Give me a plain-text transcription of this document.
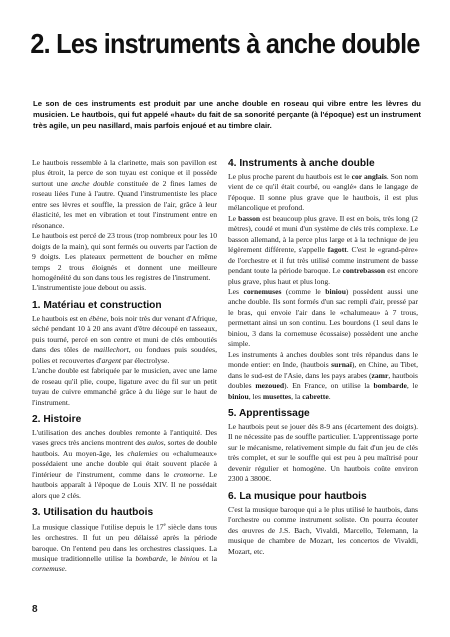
2. Les instruments à anche double
Le son de ces instruments est produit par une anche double en roseau qui vibre entre les lèvres du musicien. Le hautbois, qui fut appelé «haut» du fait de sa sonorité perçante (à l'époque) est un instrument très agile, un peu nasillard, mais parfois enjoué et au timbre clair.

Le hautbois ressemble à la clarinette, mais son pavillon est plus étroit, la perce de son tuyau est conique et il possède surtout une anche double constituée de 2 fines lames de roseau liées l'une à l'autre. Quand l'instrumentiste les place entre ses lèvres et souffle, la pression de l'air, grâce à leur élasticité, les met en vibration et tout l'instrument entre en résonance.

Le hautbois est percé de 23 trous (trop nombreux pour les 10 doigts de la main), qui sont fermés ou ouverts par l'action de 9 doigts. Les plateaux permettent de boucher en même temps 2 trous éloignés et donnent une meilleure homogénéité du son dans tous les registres de l'instrument.

L'instrumentiste joue debout ou assis.

1. Matériau et construction

Le hautbois est en ébène, bois noir très dur venant d'Afrique, séché pendant 10 à 20 ans avant d'être découpé en tasseaux, puis tourné, percé en son centre et muni de clés emboutiés dans des tôles de maillechort, ou fondues puis soudées, polies et recouvertes d'argent par électrolyse.

L'anche double est fabriquée par le musicien, avec une lame de roseau qu'il plie, coupe, ligature avec du fil sur un petit tuyau de cuivre emmanché grâce à du liège sur le haut de l'instrument.

2. Histoire

L'utilisation des anches doubles remonte à l'antiquité. Des vases grecs très anciens montrent des aulos, sortes de double hautbois. Au moyen-âge, les chalemies ou «chalumeaux» possédaient une anche double qui était souvent placée à l'intérieur de l'instrument, comme dans le cromorne. Le hautbois apparaît à l'époque de Louis XIV. Il ne possédait alors que 2 clés.

3. Utilisation du hautbois

La musique classique l'utilise depuis le 17e siècle dans tous les orchestres. Il fut un peu délaissé après la période baroque. On l'entend peu dans les orchestres classiques. La musique traditionnelle utilise la bombarde, le biniou et la cornemuse.

4. Instruments à anche double

Le plus proche parent du hautbois est le cor anglais. Son nom vient de ce qu'il était courbé, ou «anglé» dans le langage de l'époque. Il sonne plus grave que le hautbois, il est plus mélancolique et profond.

Le basson est beaucoup plus grave. Il est en bois, très long (2 mètres), coudé et muni d'un système de clés très complexe. Le basson allemand, à la perce plus large et à la technique de jeu légèrement différente, s'appelle fagott. C'est le «grand-père» de l'orchestre et il fut très utilisé comme instrument de basse pendant toute la période baroque. Le contrebasson est encore plus grave, plus haut et plus long.

Les cornemuses (comme le biniou) possèdent aussi une anche double. Ils sont formés d'un sac rempli d'air, pressé par le bras, qui envoie l'air dans le «chalumeau» à 7 trous, permettant ainsi un son continu. Les bourdons (1 seul dans le biniou, 3 dans la cornemuse écossaise) possèdent une anche simple.

Les instruments à anches doubles sont très répandus dans le monde entier: en Inde, (hautbois surnaï), en Chine, au Tibet, dans le sud-est de l'Asie, dans les pays arabes (zamr, hautbois doubles mezoued). En France, on utilise la bombarde, le biniou, les musettes, la cabrette.

5. Apprentissage

Le hautbois peut se jouer dès 8-9 ans (écartement des doigts). Il ne nécessite pas de souffle particulier. L'apprentissage porte sur le mécanisme, relativement simple du fait d'un jeu de clés très complet, et sur le souffle qui est peu à peu maîtrisé pour devenir régulier et homogène. Un hautbois coûte environ 2300 à 3800€.

6. La musique pour hautbois

C'est la musique baroque qui a le plus utilisé le hautbois, dans l'orchestre ou comme instrument soliste. On pourra écouter des œuvres de J.S. Bach, Vivaldi, Marcello, Telemann, la musique de chambre de Mozart, les concertos de Vivaldi, Mozart, etc.

8
